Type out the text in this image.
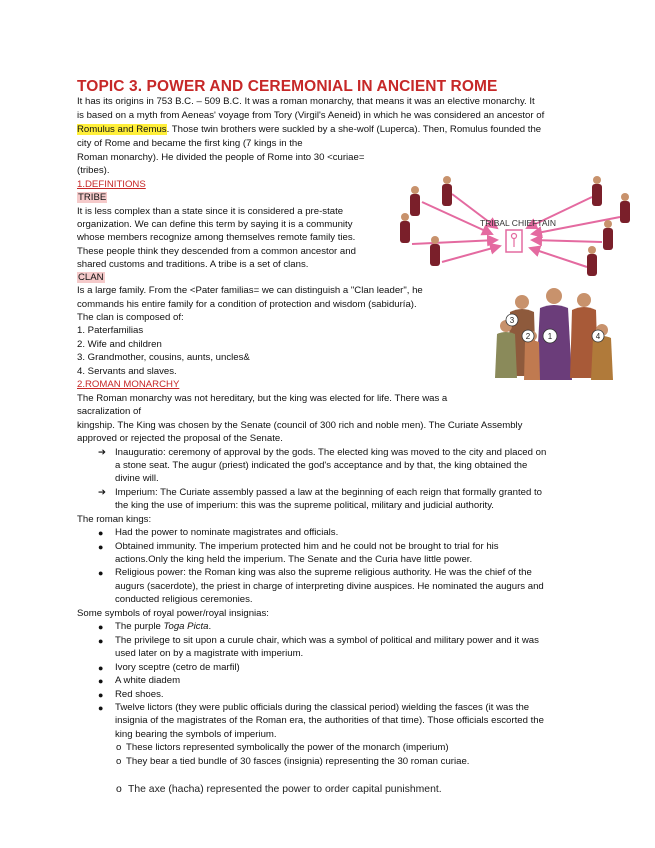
TOPIC 3. POWER AND CEREMONIAL IN ANCIENT ROME
It has its origins in 753 B.C. – 509 B.C. It was a roman monarchy, that means it was an elective monarchy. It
is based on a myth from Aeneas' voyage from Tory (Virgil's Aeneid) in which he was considered an ancestor of
Romulus and Remus. Those twin brothers were suckled by a she-wolf (Luperca). Then, Romulus founded the
city of Rome and became the first king (7 kings in the
Roman monarchy). He divided the people of Rome into 30 <curiae=
(tribes).
1.DEFINITIONS
TRIBE
It is less complex than a state since it is considered a pre-state
organization. We can define this term by saying it is a community
whose members recognize among themselves remote family ties.
These people think they descended from a common ancestor and
shared customs and traditions. A tribe is a set of clans.
TRIBAL CHIEFTAIN
CLAN
Is a large family. From the <Pater familias= we can distinguish a "Clan leader", he
commands his entire family for a condition of protection and wisdom (sabiduría).
The clan is composed of:
1. Paterfamilias
2. Wife and children
3. Grandmother, cousins, aunts, uncles&
4. Servants and slaves.
1
2
3
4
2.ROMAN MONARCHY
The Roman monarchy was not hereditary, but the king was elected for life. There was a
sacralization of
kingship. The King was chosen by the Senate (council of 300 rich and noble men). The Curiate Assembly
approved or rejected the proposal of the Senate.
➔ Inauguratio: ceremony of approval by the gods. The elected king was moved to the city and placed on
a stone seat. The augur (priest) indicated the god's acceptance and by that, the king obtained the
divine will.
➔ Imperium: The Curiate assembly passed a law at the beginning of each reign that formally granted to
the king the use of imperium: this was the supreme political, military and judicial authority.
The roman kings:
● Had the power to nominate magistrates and officials.
● Obtained immunity. The imperium protected him and he could not be brought to trial for his
actions.Only the king held the imperium. The Senate and the Curia have little power.
● Religious power: the Roman king was also the supreme religious authority. He was the chief of the
augurs (sacerdote), the priest in charge of interpreting divine auspices. He nominated the augurs and
conducted religious ceremonies.
Some symbols of royal power/royal insignias:
● The purple Toga Picta.
● The privilege to sit upon a curule chair, which was a symbol of political and military power and it was
used later on by a magistrate with imperium.
● Ivory sceptre (cetro de marfil)
● A white diadem
● Red shoes.
● Twelve lictors (they were public officials during the classical period) wielding the fasces (it was the
insignia of the magistrates of the Roman era, the authorities of that time). Those officials escorted the
king bearing the symbols of imperium.
o These lictors represented symbolically the power of the monarch (imperium)
o They bear a tied bundle of 30 fasces (insignia) representing the 30 roman curiae.
o The axe (hacha) represented the power to order capital punishment.
